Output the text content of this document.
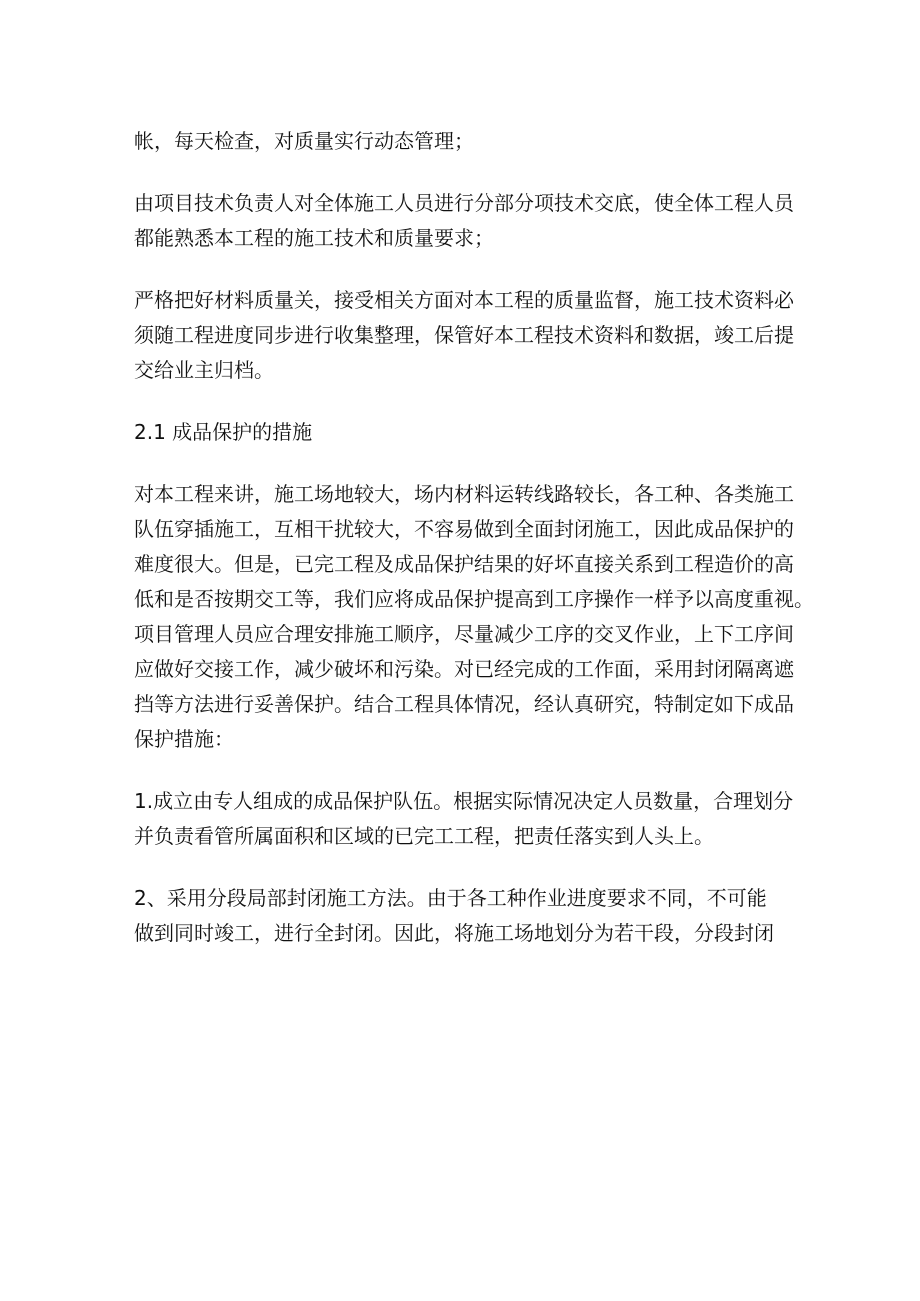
帐，每天检查，对质量实行动态管理；

由项目技术负责人对全体施工人员进行分部分项技术交底，使全体工程人员
都能熟悉本工程的施工技术和质量要求；

严格把好材料质量关，接受相关方面对本工程的质量监督，施工技术资料必
须随工程进度同步进行收集整理，保管好本工程技术资料和数据，竣工后提
交给业主归档。

2.1 成品保护的措施

对本工程来讲，施工场地较大，场内材料运转线路较长，各工种、各类施工
队伍穿插施工，互相干扰较大，不容易做到全面封闭施工，因此成品保护的
难度很大。但是，已完工程及成品保护结果的好坏直接关系到工程造价的高
低和是否按期交工等，我们应将成品保护提高到工序操作一样予以高度重视。
项目管理人员应合理安排施工顺序，尽量减少工序的交叉作业，上下工序间
应做好交接工作，减少破坏和污染。对已经完成的工作面，采用封闭隔离遮
挡等方法进行妥善保护。结合工程具体情况，经认真研究，特制定如下成品
保护措施：

1.成立由专人组成的成品保护队伍。根据实际情况决定人员数量，合理划分
并负责看管所属面积和区域的已完工工程，把责任落实到人头上。

2、采用分段局部封闭施工方法。由于各工种作业进度要求不同，不可能
做到同时竣工，进行全封闭。因此，将施工场地划分为若干段，分段封闭
